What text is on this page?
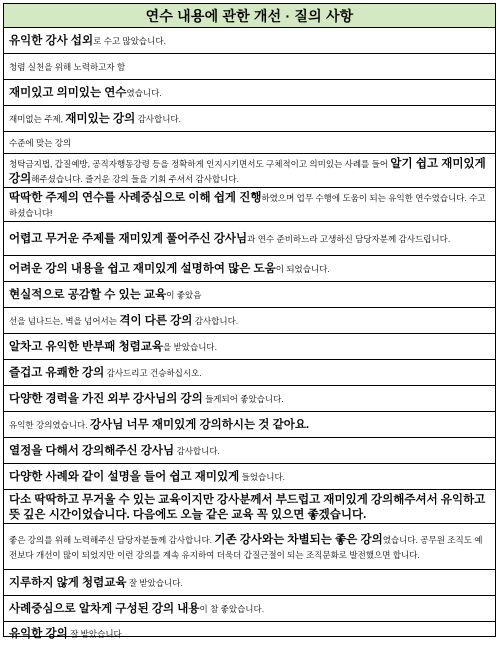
연수 내용에 관한 개선 · 질의 사항
유익한 강사 섭외로 수고 많았습니다.
청렴 실천을 위해 노력하고자 함
재미있고 의미있는 연수였습니다.
재미없는 주제, 재미있는 강의 감사합니다.
수준에 맞는 강의
청탁금지법, 갑질예방, 공직자행동강령 등을 정확하게 인지시키면서도 구체적이고 의미있는 사례를 들어 알기 쉽고 재미있게 강의해주셨습니다. 즐거운 강의 들을 기회 주셔서 감사합니다.
딱딱한 주제의 연수를 사례중심으로 이해 쉽게 진행하였으며 업무 수행에 도움이 되는 유익한 연수였습니다. 수고하셨습니다!
어렵고 무거운 주제를 재미있게 풀어주신 강사님과 연수 준비하느라 고생하신 담당자분께 감사드립니다.
어려운 강의 내용을 쉽고 재미있게 설명하여 많은 도움이 되었습니다.
현실적으로 공감할 수 있는 교육이 좋았음
선을 넘나드는, 벽을 넘어서는 격이 다른 강의 감사합니다.
알차고 유익한 반부패 청렴교육을 받았습니다.
즐겁고 유쾌한 강의 감사드리고 건승하십시오.
다양한 경력을 가진 외부 강사님의 강의 들게되어 좋았습니다.
유익한 강의였습니다. 강사님 너무 재미있게 강의하시는 것 같아요.
열정을 다해서 강의해주신 강사님 감사합니다.
다양한 사례와 같이 설명을 들어 쉽고 재미있게 들었습니다.
다소 딱딱하고 무거울 수 있는 교육이지만 강사분께서 부드럽고 재미있게 강의해주셔서 유익하고 뜻 깊은 시간이었습니다. 다음에도 오늘 같은 교육 꼭 있으면 좋겠습니다.
좋은 강의를 위해 노력해주신 담당자분들께 감사합니다. 기존 강사와는 차별되는 좋은 강의였습니다. 공무원 조직도 예전보다 개선이 많이 되었지만 이런 강의를 계속 유지하여 더욱더 갑질근절이 되는 조직문화로 발전했으면 합니다.
지루하지 않게 청렴교육 잘 받았습니다.
사례중심으로 알차게 구성된 강의 내용이 참 좋았습니다.
유익한 강의 잘 받았습니다.
